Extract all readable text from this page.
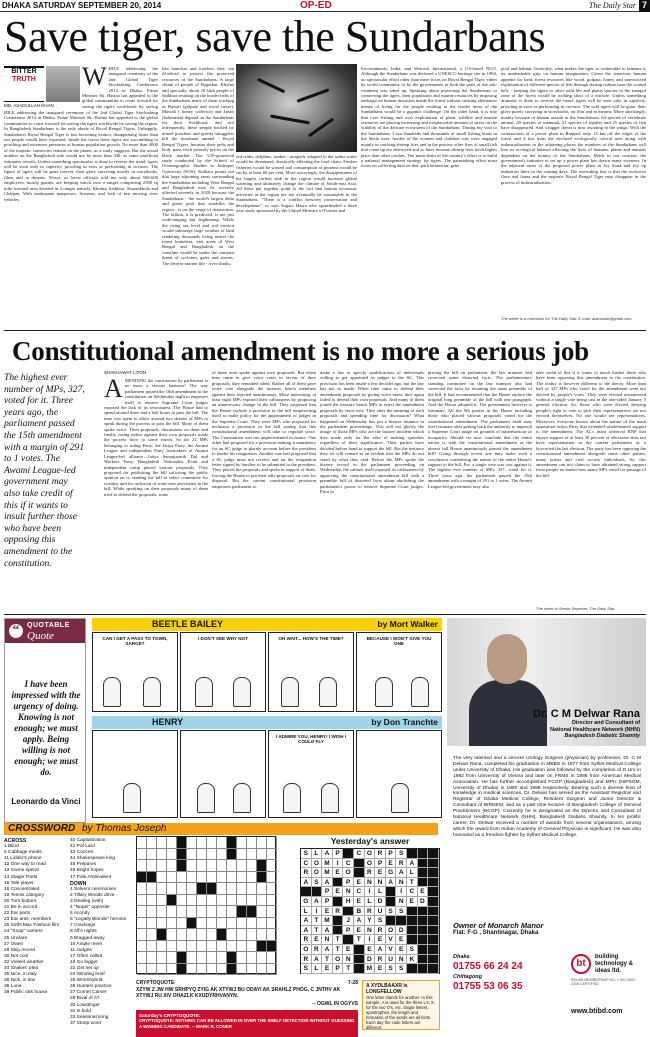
DHAKA SATURDAY SEPTEMBER 20, 2014	OP-ED	The Daily Star 7
Save tiger, save the Sundarbans
BITTER
TRUTH
MD. ASADULLAH KHAN
W HILE addressing the inaugural ceremony of the 2nd Global Tiger Stocktaking Conference 2014 in Dhaka, Prime Minister Sk. Hasina has appealed to the global communities to come forward for saving the tigers worldwide by saving
HILE addressing the inaugural ceremony of the 2nd Global Tiger Stocktaking Conference 2014 in Dhaka, Prime Minister Sk. Hasina has appealed to the global communities to come forward for saving the tigers worldwide by saving the region. In Bangladesh Sundarbans is the only abode of Royal Bengal Tigers. Unhappily, Sundarban's Royal Bengal Tiger is fast becoming extinct, disappearing faster than our people would have expected. Inside the forest these tigers are succumbing to poaching and extensive pressures of human population growth. No more than 4000 of the majestic carnivores remain on the planet, as a study suggests. But the actual number on the Bangladesh side would not be more than 440, as some unofficial estimates reveals. Unless something spectacular is done to reverse the trend, tigers will be soon only in captivity, prowling in zoos or performing in circuses. The figure of tigers will be gone forever, their glory surviving mostly in storybooks, films and in dreams. Worse, as forest officials told me only about 500-600 employees, mostly guards, are keeping watch over a ranges comprising 2500 sq mile forested area divided in 4 ranges namely, Khulna, Satkhira, Sharankhola and Chalpan. With inadequate manpower, firearms, and lack of fast moving river vehicles
like launches and trawlers, they can ill-afford to protect the protected resources of the Sundarbans. A large chunk of people of Bagerhat, Khulna and specially, about 18 lakh people of Satkhira residing on the border belts of the Sundarbans many of them working as Bawali (golpata and wood cutter), Mawali ( honey collector) and Jaeali (fishermen) depend on the Sundarbans for their livelihood, and not infrequently, these people backed by armed poachers and greedy smugglers kill the dominant animal - Royal Bengal Tigers, because their pelts and body parts fetch princely prices on the black market. The UN-sponsored study conducted by the School of Oceanographic Studies at Jadavpur University (SOS), Kolkata points out that large adjoining areas surrounding the Sundarbans including West Bengal and Bangladesh may be severely affected severely in 2020 because the Sundarbans - the world's largest delta and green pool that straddles the region - is on the verge of destruction. The fallout, it is predicted, is not just wide-ranging but frightening. While the rising sea level and soil erosion would submerge large swathes of land rendering thousands living nearer the forest homeless, vast areas of West Bengal and Bangladesh on the coastline would be under the constant threat of cyclones, gales and storms. The diverse marine life - river sharks,
red crabs, dolphins, snakes - uniquely adapted to the saline water would be threatened, drastically affecting the food chain. Fresher fisheries would be wasted and consumption of proteins would be cut by at least 60 per cent. More worryingly, the disappearance of the largest carbon sink in the region would increase global warming and ultimately change the climate of South-east Asia. All these put together point to the fact that human economic activities in the region are not eventually be sustainable in the Sundarbans. "There is a conflict between conservation and development", so says Sugato Hazra who spearheaded a three year study sponsored by the United Ministry of Forests and
Environments, India, and Wetrock International, a US-based NGO. Although the Sundarbans was declared a UNESCO heritage site in 1984, no spectacular effort other than mere focus on Royal Bengal Tiger, either by world community or by the governments in both the parts of the sub-continent was taken up. Speaking about protecting the Sundarbans or conserving the tigers, their population and marine resources by imposing embargo on human incursion inside the forest without creating alternative means of living for the people residing in the border areas of the Sundarbans would be a gigantic challenge. On the other hand, it is true that over fishing and over exploitation of plant, wildlife and marine resources are placing increasing and irreplaceable amount of stress on the viability of the delicate ecosystem of the Sundarbans. During my visit to the Sundarbans, I saw hundreds and thousands of small fishing boats in the Shela river, hordes of the women and children cuts were engaged mainly in catching shrimp fries and in the process other fries of small fish that come up are destroyed and so have become shrimp fries fetch higher price than other catches. The main drain of the country's effort is to build a national management strategy for tigers. The painstaking effort must focus on collecting data on diet, park behaviour, gene
pool and habitat. Ironically, what makes the tiger so vulnerable to humans is its unabashable grip on human imagination. Given the tenacious human appetite for land, forest resources like wood, golpata, honey and unrestricted exploitation of different species of fish through shrimp culture near the coastal belt, - keeping the tigers or other wild life and plants species in the tranquil zone of the forest would be nothing short of a miracle. Unless something dramatic is done to reverse the trend, tigers will be seen only in captivity, prowling in zoos or performing in circuses. The wild tigers will be gone, their glory purely surviving in storybooks, on film and in dreams. More shockingly, mainly because of human assault in the Sundarbans, 64 species of vertebrate animal, 49 species of mammal, 21 species of reptiles and 25 species of fish have disappeared. And a bigger threat is now awaiting in the wings. With the construction of a power plant in Rampal, only 14 km off the edges of the forest and 4 km from the declared ecologically critical area along with industrialisation in the adjoining places the numbers of the Sundarbans will lose its ecological balance affecting the lives of humans, plants and animals dependent on the bounty of the Sundarbans. Much to our concern, the government's initiative to set up a power plant has drawn many swearers. In the adjacent areas of the proposed power plant in Joy Sand and Joy up industries there in the coming days. The overriding fear is that the exclusive flora and fauna and the majestic Royal Bengal Tiger may disappear in the process of industrialisation.
The writer is a columnist for The Daily Star. E-mail: aukhandk@gmail.com
Constitutional amendment is no more a serious job
The highest ever number of MPs, 327, voted for it. Three years ago, the parliament passed the 15th amendment with a margin of 291 to 1 votes. The Awami League-led government may also take credit of this if it wants to insult further those who have been opposing this amendment to the constitution.
SHAKHAWAT LITON
A MENDING the constitution by parliament is no more a serious business! The way parliament passed the 16th amendment to the constitution on Wednesday night to empower itself to remove Supreme Court judges exposed the lack of its seriousness. The House had to spend around three and a half hours to pass the bill. The time was spent to allow around two dozens of MPs to speak during the process to pass the bill. Many of them spoke twice. Their proposals, discussions on them and finally voting notice against their own proposals made the process farce to some extent. So far 22 MPs belonging to ruling Party, the Jatiya Party, the Awami League and independent Party lawmakers of Awami League-led alliance—Jatiya Samajtantrik Dal and Workers Party, Bangladesh Nationalist Front and independent camp placed various proposals. They proposed for publishing the bill soliciting the public opinion on it, sending the bill to select committee for scrutiny and for inclusion of some new provisions in the bill. While speaking on their proposals many of them tried to defend the proposals, some
of them even spoke against own proposals. But when time came to give voice votes in favour of their proposals, they remained silent. Rather all of them gave voice vote alongside the treasury bench members against their rejected unanimously. More interesting, at least eight MPs exposed their callousness by proposing an unnecessary change in the bill. They proposed that the House include a provision in the bill empowering itself to make policy for the appointment of judges in the Supreme Court. They were MPs who proposed for inclusion a provision in the bill stating that this constitutional amendment will take to regulate since. The Constitution was not unprecedented in nature. One other had proposed for a provision making it mandatory for an SC judge to plainly account before the president to tender his resignation. Another one had proposed that a SC judge must not receive and on the resignation letter signed by him/her to be submitted to the president. They placed the proposals and spoke in support of them, forcing the House to put their silly proposals on vote for disposal. But the current constitutional provision empowers parliament to
make a law to specify qualifications of individuals willing to get appointed as judges to the SC. This provision has been inside a few decades ago, but the law has not so made. When time came to defend their amendment proposals by giving voice notes, they again failed to defend their own proposals. And many of them joined the treasury bench MPs to reject the amendment proposals by voice vote. They obey the meaning of such proposals and spending time for discussion? What happened on Wednesday has put a bizarre instance in the parliament proceedings. This will not glorify the image of those MPs who are the bizarre incident which they made only for the sake of making speeches regardless of their significance. Their parties have decided before hand to support the bill. But the instance they set will remain as an evident that the MPs do not stand by what they said. Before the MPs spoke the bizarre record in the parliament proceeding on Wednesday, the cabinet itself exposed its callousness by approving the constitutional amendment bill with a preamble full of distorted facts about abolishing the parliament's power to remove Supreme Court judges. Prior to
placing the bill on parliament, the law minister had corrected some distorted facts. The parliamentary standing committee on the law ministry also had corrected the facts by retaining the same preamble of the bill. It had recommended that the House replace the original long preamble of the bill with one paragraph. And the House adopted it. The government however is fortunate. All the 9th parties in the House including those who placed various proposals voted for the constitutional amendment. The parliament itself may feel fortunate after getting back the authority to impeach a Supreme Court judge on grounds of misbehaviour or incapacity. Should we now conclude that the entire nation is with the constitutional amendment as the almost full House unanimously passed the amendment bill? Going through recent one may make such a conclusion considering the nature of the entire House's support to the bill. For, a single vote was cast against it. The highest ever number of MPs, 327, voted for it. Three years ago, the parliament passed the 15th amendment with a margin of 291 to 1 votes. The Awami League-led government may also
take credit of this if it wants to insult further those who have been opposing this amendment to the constitution. The reality is however different to the theory. More than half of 327 MPs who voted for the amendment were not elected by people's votes. They were elected uncontested without a single vote being cast in the one-sided January 5 general election. So, those who were elected denying people's right to vote to pick their representatives are not elected themselves. No one would see representatives. Moreover, everyone knows about the nature of the main opposition Jatiya Party that extended wholehearted support to the amendment. The AL's main archrival BNP that enjoys support of at least 30 percent of electorate does not have representation in the current parliament as it boycotted the last election. The party has been opposing the constitutional amendment alongside some other parties, many jurists and civil society individuals. So, this amendment can not claim to have obtained strong support from people no matter how many MPs voted for passage of the bill.
The writer is Senior Reporter, The Daily Star.
“	QUOTABLE
Quote
I have been impressed with the urgency of doing. Knowing is not enough; we must apply. Being willing is not enough; we must do.
Leonardo da Vinci
BEETLE BAILEY	by Mort Walker
CAN I GET A PASS TO TOWN, SARGE?
I DON'T SEE WHY NOT	OH WAIT... HOW'S THE TIME?	BECAUSE I WON'T GIVE YOU ONE
HENRY	by Don Tranchte
I ADMIRE YOU, HENRY! I WISH I COULD FLY
Dr. C M Delwar Rana
Director and Consultant of
National Healthcare Network (NHN)
Bangladesh Diabetic Shamity
The very talented and a sincere Urology Surgeon (physician) by profession, Dr. C M Delwar Rana, completed his graduation in MBBS in 1977 from Sylhet Medical College under University of Dhaka. His graduation was followed by the completion of D.Uro in 1982 from University of Vienna and later on FRMS in 1988 from American Medical Association. He has further accomplished FCGP (Bangladesh) and MPH (NIPSOM, University of Dhaka) in 1990 and 1998 respectively. Bearing such a diverse host of knowledge in medical sciences, Dr. Delwar has served as the Assistant Registrar and Registrar of Dhaka Medical College, Resident Surgeon and Junior Director & Consultant of BIRDEM, and as a part time lecturer of Bangladesh College of General Practitioners (BCGP). Currently he is designated as the Director and Consultant of National Healthcare Network (NHN), Bangladesh Diabetic Shamity. In his prolific career, Dr. Delwar received a number of awards from several organisations, among which the award from Indian Academy of General Physician is significant. He was also honoured as a freedom fighter by Sylhet Medical College.
Owner of Monarch Manor
Flat: F-G , Shantinagar, Dhaka
Dhaka
01755 66 24 24
Chittagong
01755 53 06 35
bt
building technology & ideas ltd.
REHAB MEMBERSHIP NO. 1 ISO 9001 : 2008 CERTIFIED
www.btibd.com
CROSSWORD by Thomas Joseph
ACROSS
1 Blind
5 Cabbage meals
11 Lidder's phone
12 One way to read
13 Scene spend
14 Stager Parts
15 Tale player
16 Concentrated
18 Tennis category
20 Turn bottom
21 Be in accord
22 Ear parts
23 Ear ants, members
25 Setfs Mac Fashion film
24 "Snap" carriers
25 Unclare
27 Owen
29 Skip record
30 Not cool
32 Violent weather
34 Snakes' plea
35 Nice, in Italy
36 Nick, in line
38 Luna
39 Public rats house
40 Capitalization
41 Pot Lard
43 Concert
44 Shakespeare king
45 Prepares
46 Bright hopes
47 Pole Ambivalent
DOWN
1 Solvent ceremonies
2 Tillary Woods drive
3 Dealing (with)
4 "Nope!" opposite
5 Acondy
6 "Legally Blonde" heroine
7 Crackings
8 Alf's nights
9 Bragged away
10 Ample meet
11 Judges
17 Often called
19 Go bigger
22 Get set up
24 Winding brief
25 Wormhybrid
26 Hunters practice
27 Comet Carver
28 Rival of AT
30 Lowstinger
31 Is bold
33 Seasonal song
37 Stoop word
Yesterday's answer
S L A P	C O R P S
C O M	I	C	O P E R A
R O M E O	R E G A L
A S A	P E N N A N T
P E N C	I	L	I	C E
G A P	H E L D	N E D
L	I	E R	B R U S S
A T M	J A Y S
A T A	P E N R O D
R E N T	T	I	E V E
O R A T E	E A V E S
R A T O N	D R U N K
S L E P T	M E S S
CRYPTOQUOTE	7-28
XZYW Z JW HW SRHPYQ ZYIG AK XTYWJ BU ODAYI AK SRAHLZ PHOG, C JNTHV AK XTYWJ RU XIV OHAZLK KXUDYRHVANYN.
-- OGWL IN OGYVS
Saturday's CRYPTOQUOTE:
CRYPTOQUOTE: NOTHING CAN BE ALLOWED IN OVER THE SHELF DETECTION WITHOUT GUESSING A WINNING CANDIDATE. -- MARK R. CONER
A XYDLBAAXR is LONGFELLOW
One letter stands for another. In this sample, A is used for the three L's, X for the two O's, etc. Single letters, apostrophes, the length and formation of the words are all hints. Each day the code letters are different.
